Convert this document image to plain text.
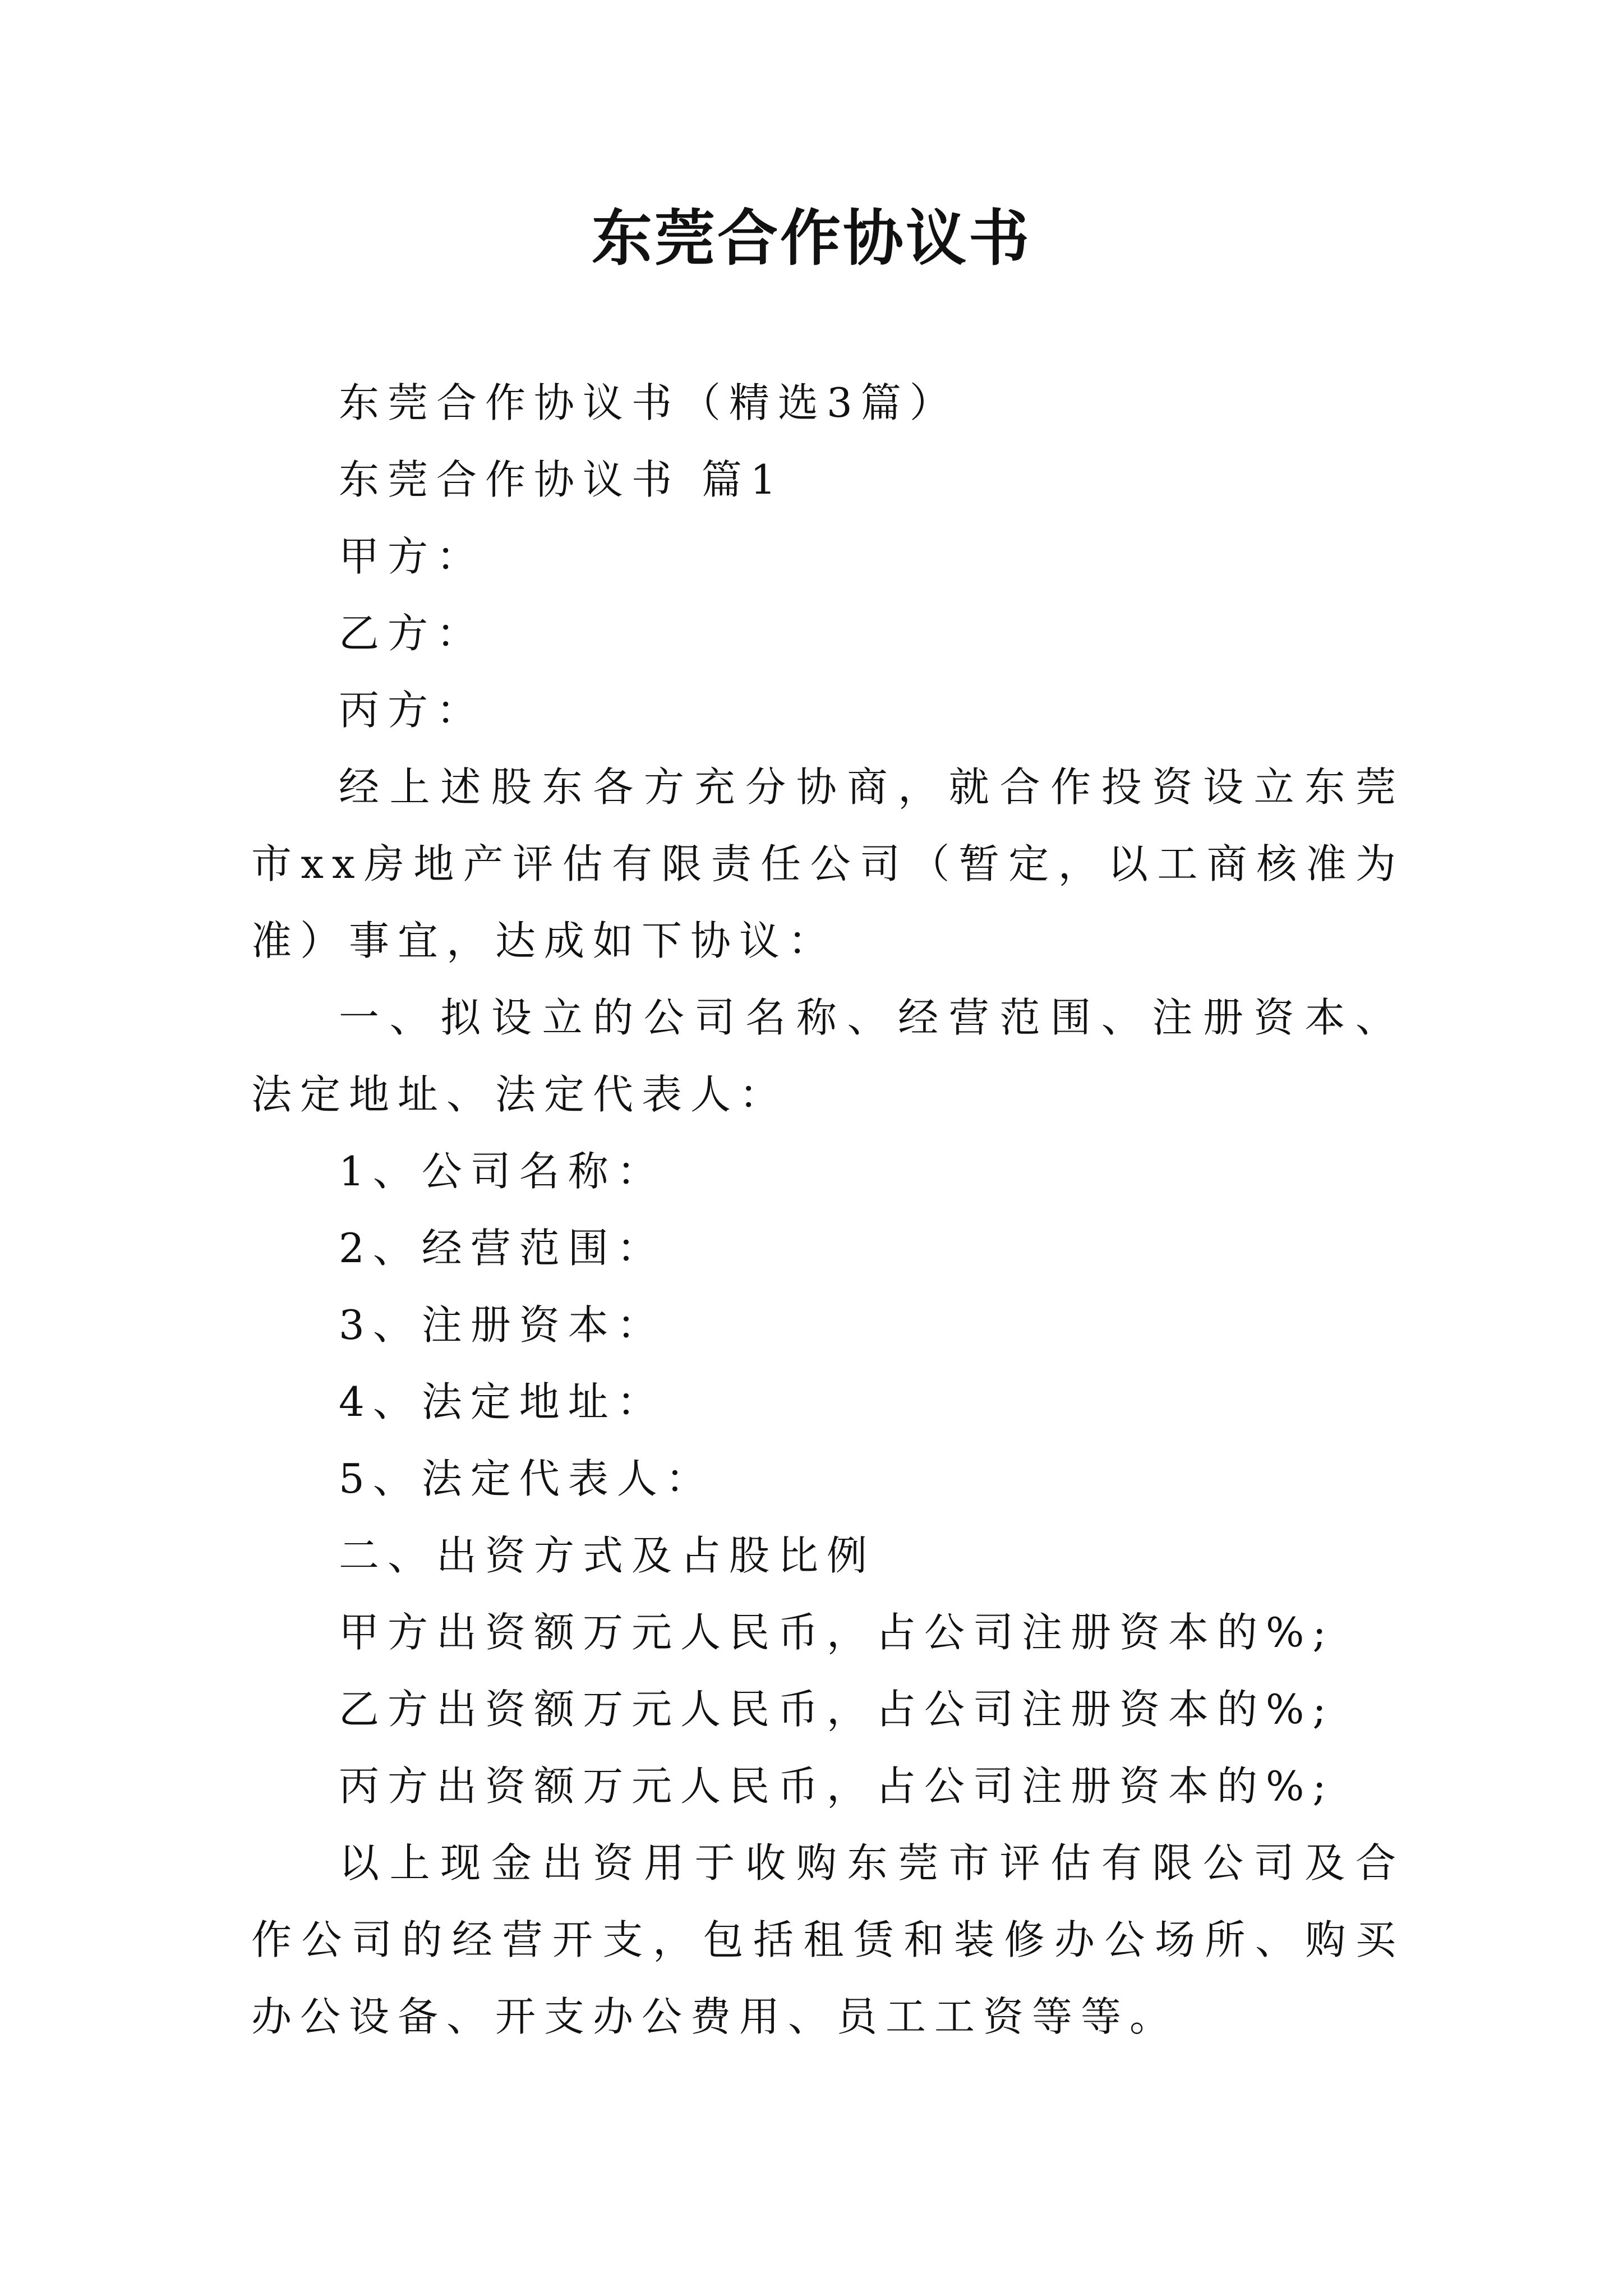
东莞合作协议书

东莞合作协议书（精选3篇）

东莞合作协议书 篇1

甲方：

乙方：

丙方：

经上述股东各方充分协商，就合作投资设立东莞市xx房地产评估有限责任公司（暂定，以工商核准为准）事宜，达成如下协议：

一、拟设立的公司名称、经营范围、注册资本、法定地址、法定代表人：

1、公司名称：

2、经营范围：

3、注册资本：

4、法定地址：

5、法定代表人：

二、出资方式及占股比例

甲方出资额万元人民币，占公司注册资本的%;

乙方出资额万元人民币，占公司注册资本的%;

丙方出资额万元人民币，占公司注册资本的%;

以上现金出资用于收购东莞市评估有限公司及合作公司的经营开支，包括租赁和装修办公场所、购买办公设备、开支办公费用、员工工资等等。
